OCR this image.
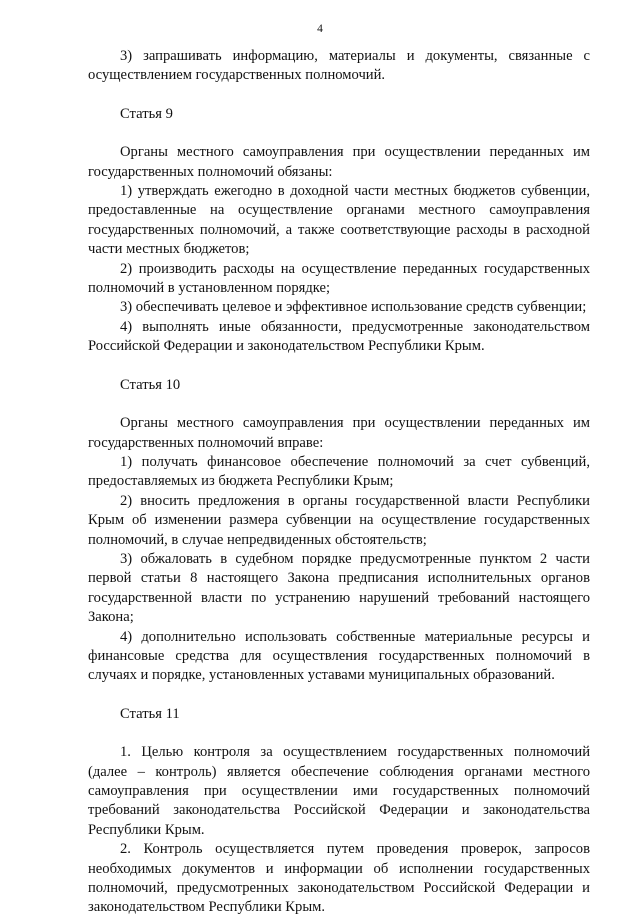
4

3) запрашивать информацию, материалы и документы, связанные с осуществлением государственных полномочий.

Статья 9

Органы местного самоуправления при осуществлении переданных им государственных полномочий обязаны:

1) утверждать ежегодно в доходной части местных бюджетов субвенции, предоставленные на осуществление органами местного самоуправления государственных полномочий, а также соответствующие расходы в расходной части местных бюджетов;

2) производить расходы на осуществление переданных государственных полномочий в установленном порядке;

3) обеспечивать целевое и эффективное использование средств субвенции;

4) выполнять иные обязанности, предусмотренные законодательством Российской Федерации и законодательством Республики Крым.

Статья 10

Органы местного самоуправления при осуществлении переданных им государственных полномочий вправе:

1) получать финансовое обеспечение полномочий за счет субвенций, предоставляемых из бюджета Республики Крым;

2) вносить предложения в органы государственной власти Республики Крым об изменении размера субвенции на осуществление государственных полномочий, в случае непредвиденных обстоятельств;

3) обжаловать в судебном порядке предусмотренные пунктом 2 части первой статьи 8 настоящего Закона предписания исполнительных органов государственной власти по устранению нарушений требований настоящего Закона;

4) дополнительно использовать собственные материальные ресурсы и финансовые средства для осуществления государственных полномочий в случаях и порядке, установленных уставами муниципальных образований.

Статья 11

1. Целью контроля за осуществлением государственных полномочий (далее – контроль) является обеспечение соблюдения органами местного самоуправления при осуществлении ими государственных полномочий требований законодательства Российской Федерации и законодательства Республики Крым.

2. Контроль осуществляется путем проведения проверок, запросов необходимых документов и информации об исполнении государственных полномочий, предусмотренных законодательством Российской Федерации и законодательством Республики Крым.
